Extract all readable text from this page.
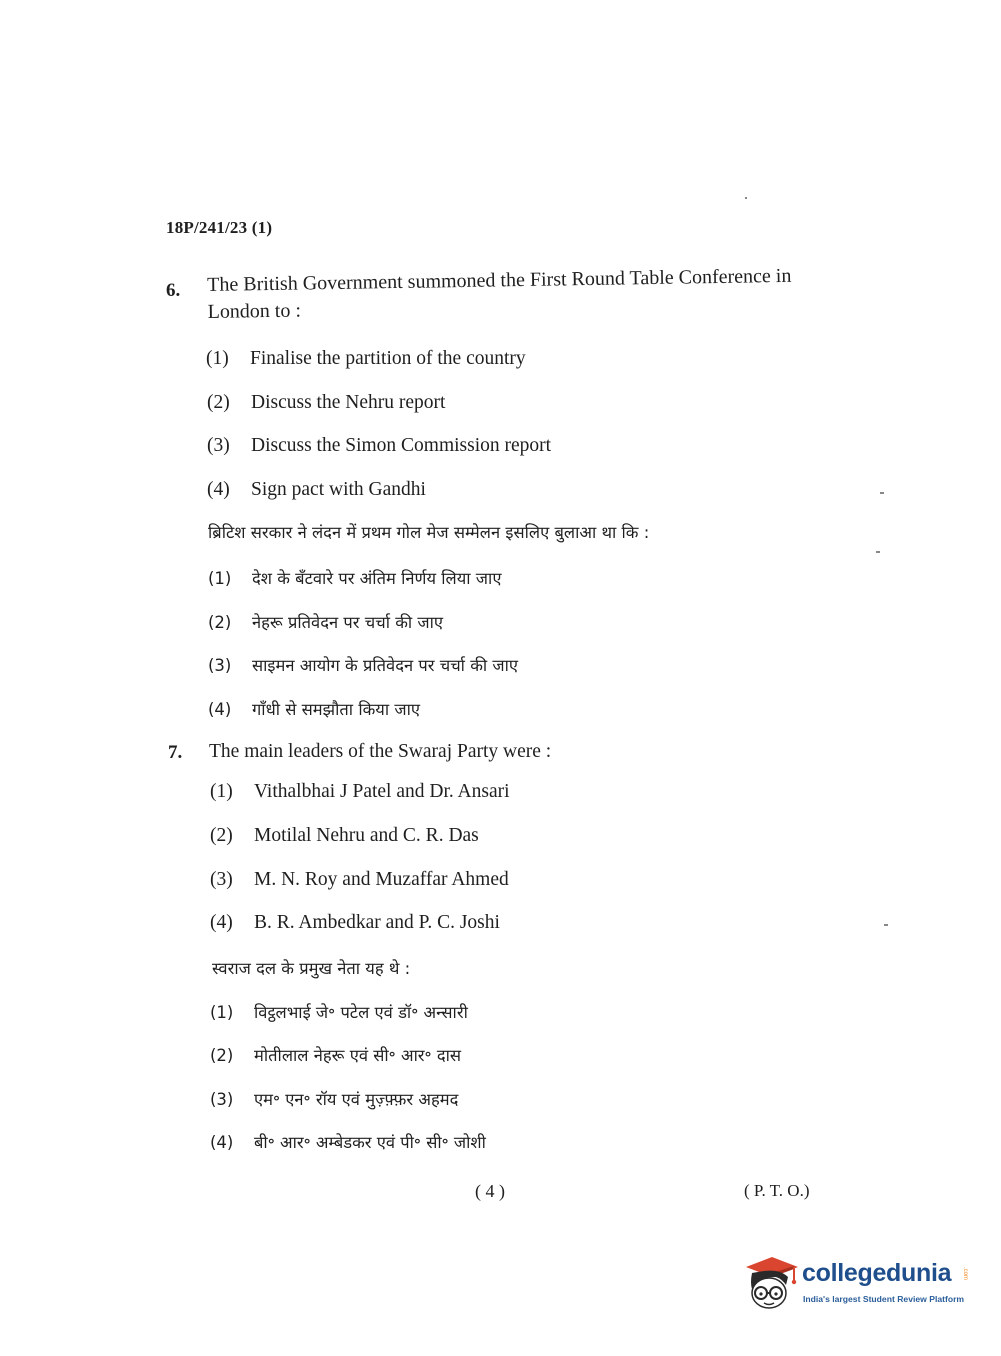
18P/241/23 (1)
6. The British Government summoned the First Round Table Conference in
London to :
(1) Finalise the partition of the country
(2) Discuss the Nehru report
(3) Discuss the Simon Commission report
(4) Sign pact with Gandhi
ब्रिटिश सरकार ने लंदन में प्रथम गोल मेज सम्मेलन इसलिए बुलाआ था कि :
(1) देश के बँटवारे पर अंतिम निर्णय लिया जाए
(2) नेहरू प्रतिवेदन पर चर्चा की जाए
(3) साइमन आयोग के प्रतिवेदन पर चर्चा की जाए
(4) गाँधी से समझौता किया जाए
7. The main leaders of the Swaraj Party were :
(1) Vithalbhai J Patel and Dr. Ansari
(2) Motilal Nehru and C. R. Das
(3) M. N. Roy and Muzaffar Ahmed
(4) B. R. Ambedkar and P. C. Joshi
स्वराज दल के प्रमुख नेता यह थे :
(1) विट्ठलभाई जे॰ पटेल एवं डॉ॰ अन्सारी
(2) मोतीलाल नेहरू एवं सी॰ आर॰ दास
(3) एम॰ एन॰ रॉय एवं मुज़्फ़्फ़र अहमद
(4) बी॰ आर॰ अम्बेडकर एवं पी॰ सी॰ जोशी
( 4 )	( P. T. O.)
collegedunia .com
India's largest Student Review Platform
